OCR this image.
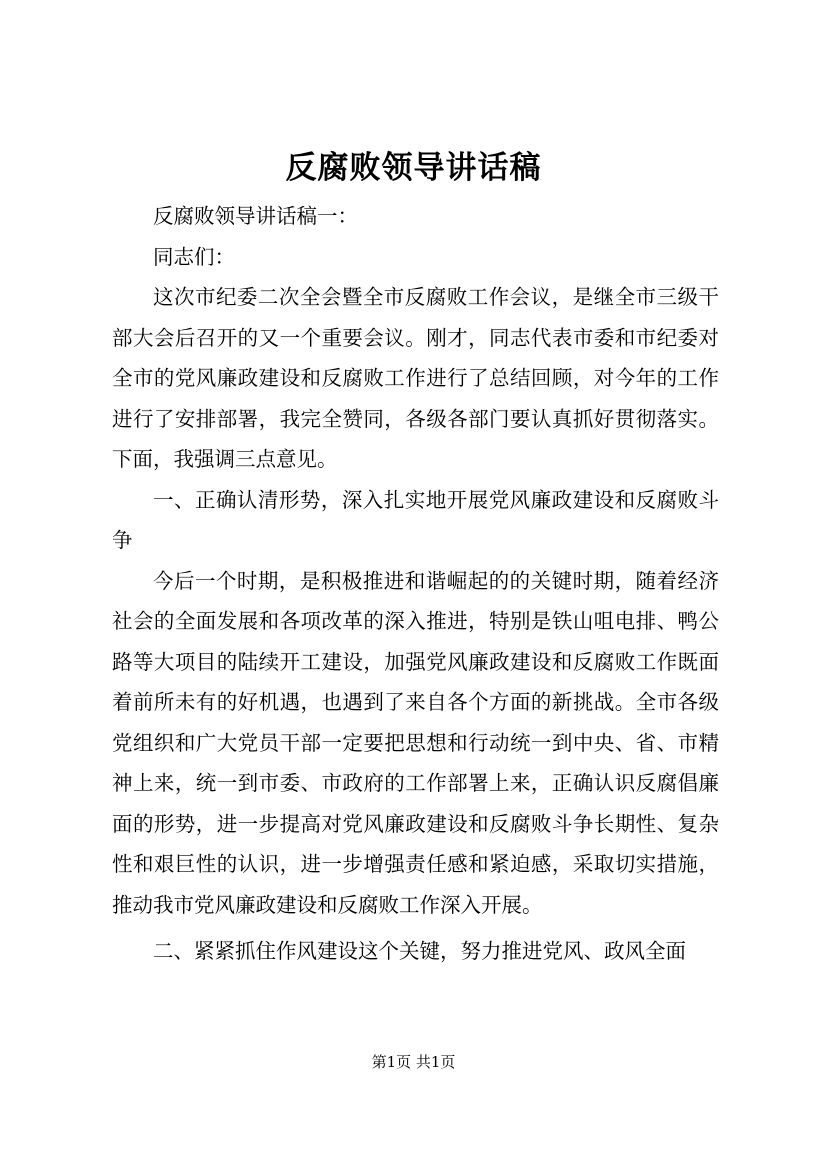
反腐败领导讲话稿

反腐败领导讲话稿一：

同志们：

这次市纪委二次全会暨全市反腐败工作会议，是继全市三级干部大会后召开的又一个重要会议。刚才，同志代表市委和市纪委对全市的党风廉政建设和反腐败工作进行了总结回顾，对今年的工作进行了安排部署，我完全赞同，各级各部门要认真抓好贯彻落实。下面，我强调三点意见。

一、正确认清形势，深入扎实地开展党风廉政建设和反腐败斗争

今后一个时期，是积极推进和谐崛起的的关键时期，随着经济社会的全面发展和各项改革的深入推进，特别是铁山咀电排、鸭公路等大项目的陆续开工建设，加强党风廉政建设和反腐败工作既面着前所未有的好机遇，也遇到了来自各个方面的新挑战。全市各级党组织和广大党员干部一定要把思想和行动统一到中央、省、市精神上来，统一到市委、市政府的工作部署上来，正确认识反腐倡廉面的形势，进一步提高对党风廉政建设和反腐败斗争长期性、复杂性和艰巨性的认识，进一步增强责任感和紧迫感，采取切实措施，推动我市党风廉政建设和反腐败工作深入开展。

二、紧紧抓住作风建设这个关键，努力推进党风、政风全面

第1页 共1页
